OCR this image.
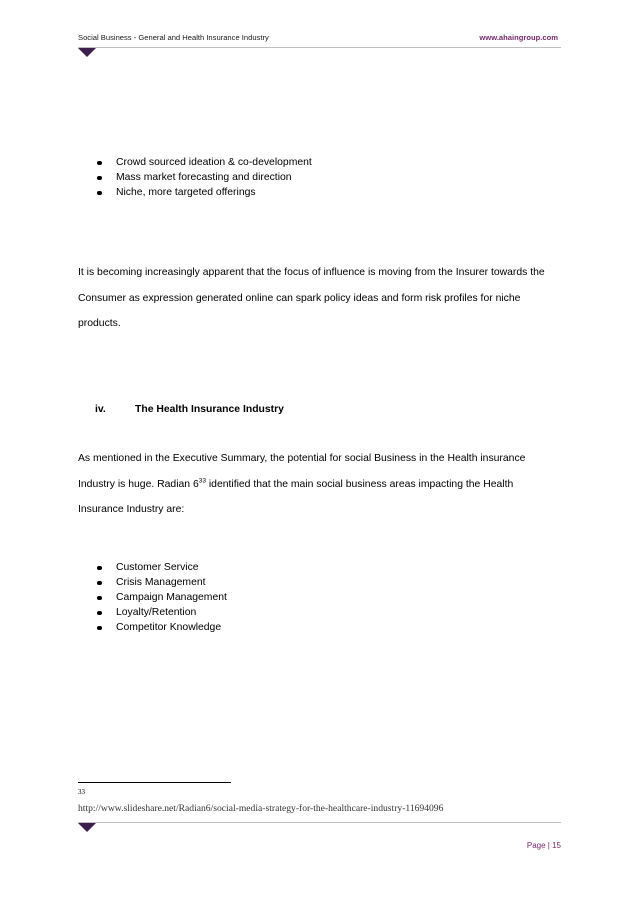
Social Business - General and Health Insurance Industry	www.ahaingroup.com
Crowd sourced ideation & co-development
Mass market forecasting and direction
Niche, more targeted offerings

It is becoming increasingly apparent that the focus of influence is moving from the Insurer towards the Consumer as expression generated online can spark policy ideas and form risk profiles for niche products.

iv.	The Health Insurance Industry

As mentioned in the Executive Summary, the potential for social Business in the Health insurance Industry is huge. Radian $6^{33}$ identified that the main social business areas impacting the Health Insurance Industry are:

Customer Service
Crisis Management
Campaign Management
Loyalty/Retention
Competitor Knowledge
33
http://www.slideshare.net/Radian6/social-media-strategy-for-the-healthcare-industry-11694096
Page | 15
